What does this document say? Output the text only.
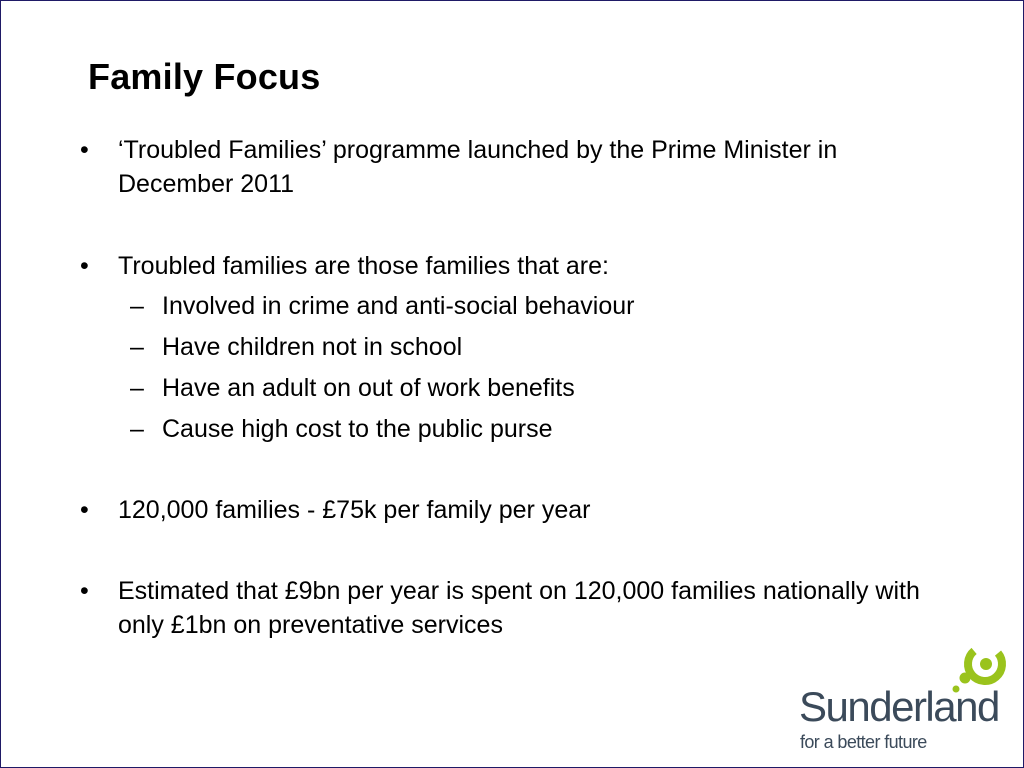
Family Focus
• ‘Troubled Families’ programme launched by the Prime Minister in December 2011
• Troubled families are those families that are:
– Involved in crime and anti-social behaviour
– Have children not in school
– Have an adult on out of work benefits
– Cause high cost to the public purse
• 120,000 families - £75k per family per year
• Estimated that £9bn per year is spent on 120,000 families nationally with only £1bn on preventative services
Sunderland
for a better future
